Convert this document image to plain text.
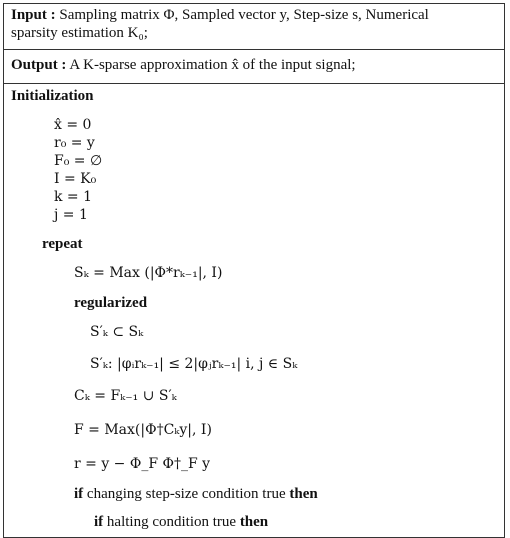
Input : Sampling matrix Φ, Sampled vector y, Step-size s, Numerical
sparsity estimation K₀;
Output : A K-sparse approximation x̂ of the input signal;
Initialization
x̂ = 0
r₀ = y
F₀ = ∅
I = K₀
k = 1
j = 1
repeat
Sₖ = Max (|Φ*rₖ₋₁|, I)
regularized
S′ₖ ⊂ Sₖ
S′ₖ: |φᵢrₖ₋₁| ≤ 2|φⱼrₖ₋₁| i, j ∈ Sₖ
Cₖ = Fₖ₋₁ ∪ S′ₖ
F = Max(|Φ†Cₖy|, I)
r = y − Φ_F Φ†_F y
if changing step-size condition true then
if halting condition true then
